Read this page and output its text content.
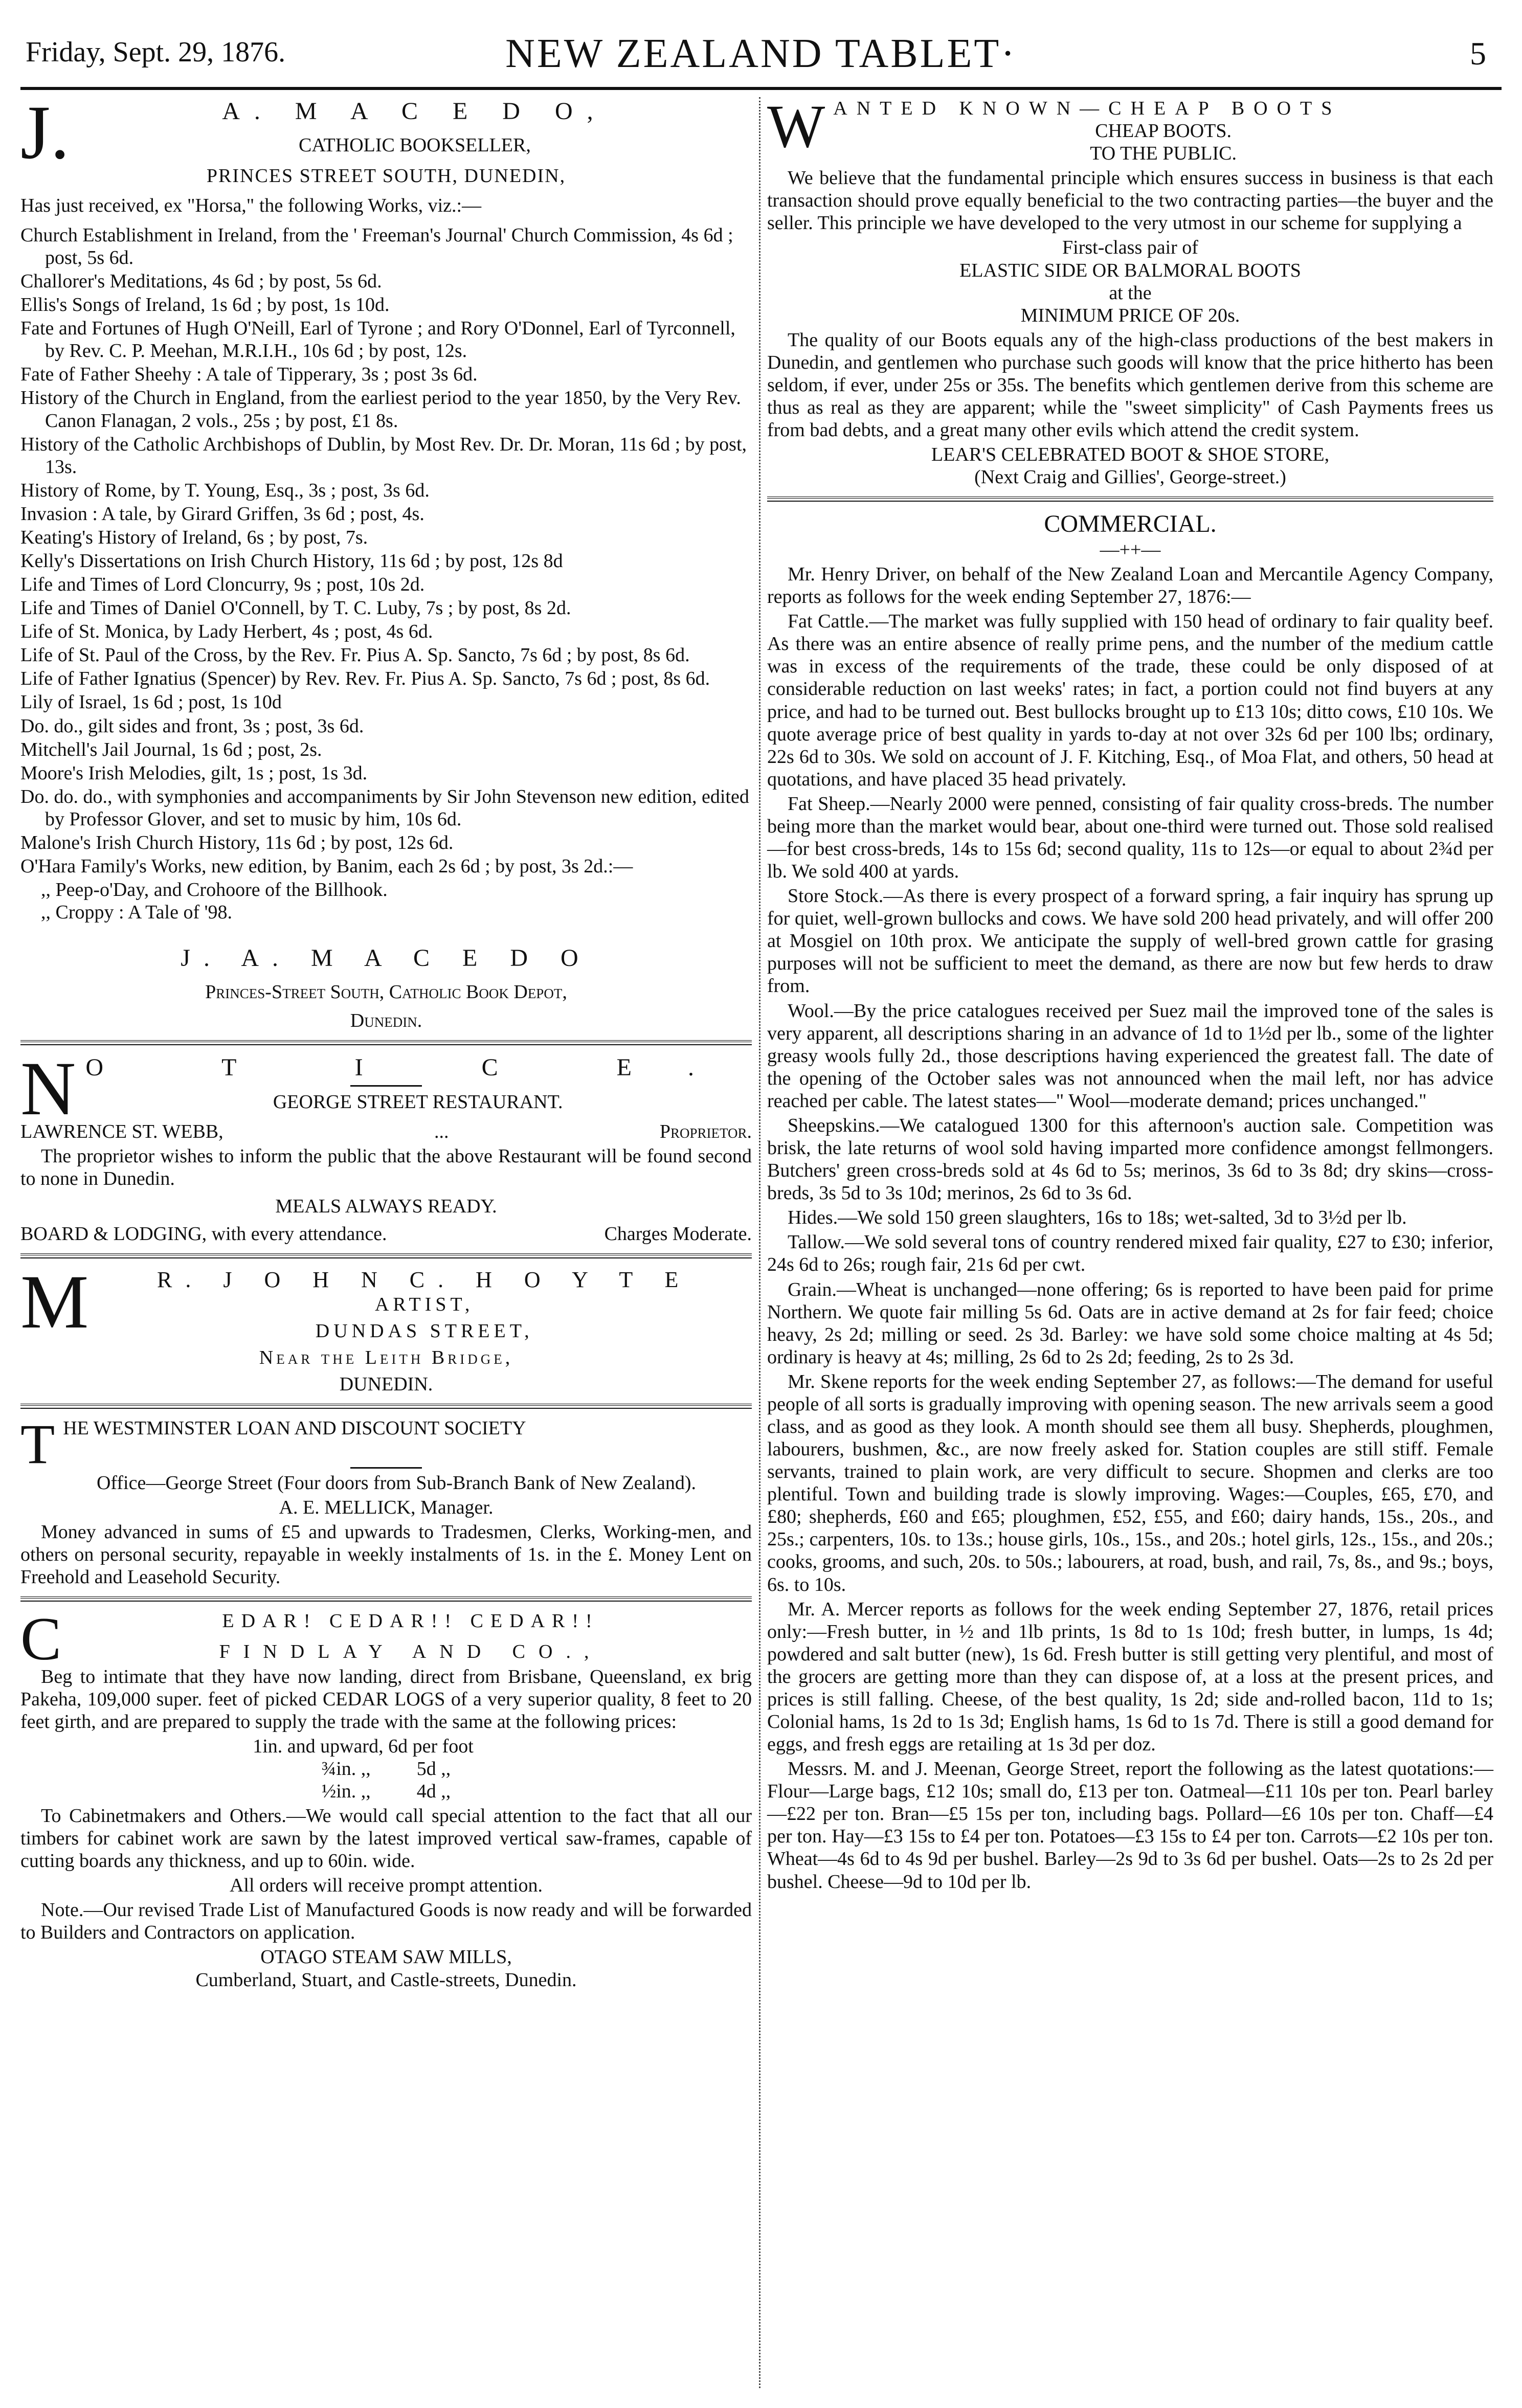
Friday, Sept. 29, 1876.	NEW ZEALAND TABLET·	5
J.	A. M A C E D O,
CATHOLIC BOOKSELLER,
PRINCES STREET SOUTH, DUNEDIN,
Has just received, ex "Horsa," the following Works, viz.:—

Church Establishment in Ireland, from the ' Freeman's Journal' Church Commission, 4s 6d ; post, 5s 6d.

Challorer's Meditations, 4s 6d ; by post, 5s 6d.

Ellis's Songs of Ireland, 1s 6d ; by post, 1s 10d.

Fate and Fortunes of Hugh O'Neill, Earl of Tyrone ; and Rory O'Donnel, Earl of Tyrconnell, by Rev. C. P. Meehan, M.R.I.H., 10s 6d ; by post, 12s.

Fate of Father Sheehy : A tale of Tipperary, 3s ; post 3s 6d.

History of the Church in England, from the earliest period to the year 1850, by the Very Rev. Canon Flanagan, 2 vols., 25s ; by post, £1 8s.

History of the Catholic Archbishops of Dublin, by Most Rev. Dr. Dr. Moran, 11s 6d ; by post, 13s.

History of Rome, by T. Young, Esq., 3s ; post, 3s 6d.

Invasion : A tale, by Girard Griffen, 3s 6d ; post, 4s.

Keating's History of Ireland, 6s ; by post, 7s.

Kelly's Dissertations on Irish Church History, 11s 6d ; by post, 12s 8d

Life and Times of Lord Cloncurry, 9s ; post, 10s 2d.

Life and Times of Daniel O'Connell, by T. C. Luby, 7s ; by post, 8s 2d.

Life of St. Monica, by Lady Herbert, 4s ; post, 4s 6d.

Life of St. Paul of the Cross, by the Rev. Fr. Pius A. Sp. Sancto, 7s 6d ; by post, 8s 6d.

Life of Father Ignatius (Spencer) by Rev. Rev. Fr. Pius A. Sp. Sancto, 7s 6d ; post, 8s 6d.

Lily of Israel, 1s 6d ; post, 1s 10d

Do. do., gilt sides and front, 3s ; post, 3s 6d.

Mitchell's Jail Journal, 1s 6d ; post, 2s.

Moore's Irish Melodies, gilt, 1s ; post, 1s 3d.

Do. do. do., with symphonies and accompaniments by Sir John Stevenson new edition, edited by Professor Glover, and set to music by him, 10s 6d.

Malone's Irish Church History, 11s 6d ; by post, 12s 6d.

O'Hara Family's Works, new edition, by Banim, each 2s 6d ; by post, 3s 2d.:—

,, Peep-o'Day, and Crohoore of the Billhook.

,, Croppy : A Tale of '98.

J. A. M A C E D O
Princes-Street South, Catholic Book Depot,
Dunedin.
N O T I C E.
GEORGE STREET RESTAURANT.
LAWRENCE ST. WEBB,	...	Proprietor.

The proprietor wishes to inform the public that the above Restaurant will be found second to none in Dunedin.

MEALS ALWAYS READY.
BOARD & LODGING, with every attendance.	Charges Moderate.
M	R. J O H N C. H O Y T E
ARTIST,
DUNDAS STREET,
Near the Leith Bridge,
DUNEDIN.
T HE WESTMINSTER LOAN AND DISCOUNT SOCIETY

Office—George Street (Four doors from Sub-Branch Bank of New Zealand).

A. E. MELLICK, Manager.

Money advanced in sums of £5 and upwards to Tradesmen, Clerks, Working-men, and others on personal security, repayable in weekly instalments of 1s. in the £. Money Lent on Freehold and Leasehold Security.

C	EDAR! CEDAR!! CEDAR!!
FINDLAY AND CO.,

Beg to intimate that they have now landing, direct from Brisbane, Queensland, ex brig Pakeha, 109,000 super. feet of picked CEDAR LOGS of a very superior quality, 8 feet to 20 feet girth, and are prepared to supply the trade with the same at the following prices:

1in. and upward, 6d per foot
¾in. ,, 5d ,,
½in. ,, 4d ,,

To Cabinetmakers and Others.—We would call special attention to the fact that all our timbers for cabinet work are sawn by the latest improved vertical saw-frames, capable of cutting boards any thickness, and up to 60in. wide.

All orders will receive prompt attention.

Note.—Our revised Trade List of Manufactured Goods is now ready and will be forwarded to Builders and Contractors on application.

OTAGO STEAM SAW MILLS,
Cumberland, Stuart, and Castle-streets, Dunedin.
W ANTED KNOWN—CHEAP BOOTS
CHEAP BOOTS.
TO THE PUBLIC.

We believe that the fundamental principle which ensures success in business is that each transaction should prove equally beneficial to the two contracting parties—the buyer and the seller. This principle we have developed to the very utmost in our scheme for supplying a

First-class pair of
ELASTIC SIDE OR BALMORAL BOOTS
at the
MINIMUM PRICE OF 20s.

The quality of our Boots equals any of the high-class productions of the best makers in Dunedin, and gentlemen who purchase such goods will know that the price hitherto has been seldom, if ever, under 25s or 35s. The benefits which gentlemen derive from this scheme are thus as real as they are apparent; while the "sweet simplicity" of Cash Payments frees us from bad debts, and a great many other evils which attend the credit system.

LEAR'S CELEBRATED BOOT & SHOE STORE,
(Next Craig and Gillies', George-street.)
COMMERCIAL.
—++—

Mr. Henry Driver, on behalf of the New Zealand Loan and Mercantile Agency Company, reports as follows for the week ending September 27, 1876:—

Fat Cattle.—The market was fully supplied with 150 head of ordinary to fair quality beef. As there was an entire absence of really prime pens, and the number of the medium cattle was in excess of the requirements of the trade, these could be only disposed of at considerable reduction on last weeks' rates; in fact, a portion could not find buyers at any price, and had to be turned out. Best bullocks brought up to £13 10s; ditto cows, £10 10s. We quote average price of best quality in yards to-day at not over 32s 6d per 100 lbs; ordinary, 22s 6d to 30s. We sold on account of J. F. Kitching, Esq., of Moa Flat, and others, 50 head at quotations, and have placed 35 head privately.

Fat Sheep.—Nearly 2000 were penned, consisting of fair quality cross-breds. The number being more than the market would bear, about one-third were turned out. Those sold realised—for best cross-breds, 14s to 15s 6d; second quality, 11s to 12s—or equal to about 2¾d per lb. We sold 400 at yards.

Store Stock.—As there is every prospect of a forward spring, a fair inquiry has sprung up for quiet, well-grown bullocks and cows. We have sold 200 head privately, and will offer 200 at Mosgiel on 10th prox. We anticipate the supply of well-bred grown cattle for grasing purposes will not be sufficient to meet the demand, as there are now but few herds to draw from.

Wool.—By the price catalogues received per Suez mail the improved tone of the sales is very apparent, all descriptions sharing in an advance of 1d to 1½d per lb., some of the lighter greasy wools fully 2d., those descriptions having experienced the greatest fall. The date of the opening of the October sales was not announced when the mail left, nor has advice reached per cable. The latest states—" Wool—moderate demand; prices unchanged."

Sheepskins.—We catalogued 1300 for this afternoon's auction sale. Competition was brisk, the late returns of wool sold having imparted more confidence amongst fellmongers. Butchers' green cross-breds sold at 4s 6d to 5s; merinos, 3s 6d to 3s 8d; dry skins—cross-breds, 3s 5d to 3s 10d; merinos, 2s 6d to 3s 6d.

Hides.—We sold 150 green slaughters, 16s to 18s; wet-salted, 3d to 3½d per lb.

Tallow.—We sold several tons of country rendered mixed fair quality, £27 to £30; inferior, 24s 6d to 26s; rough fair, 21s 6d per cwt.

Grain.—Wheat is unchanged—none offering; 6s is reported to have been paid for prime Northern. We quote fair milling 5s 6d. Oats are in active demand at 2s for fair feed; choice heavy, 2s 2d; milling or seed. 2s 3d. Barley: we have sold some choice malting at 4s 5d; ordinary is heavy at 4s; milling, 2s 6d to 2s 2d; feeding, 2s to 2s 3d.

Mr. Skene reports for the week ending September 27, as follows:—The demand for useful people of all sorts is gradually improving with opening season. The new arrivals seem a good class, and as good as they look. A month should see them all busy. Shepherds, ploughmen, labourers, bushmen, &c., are now freely asked for. Station couples are still stiff. Female servants, trained to plain work, are very difficult to secure. Shopmen and clerks are too plentiful. Town and building trade is slowly improving. Wages:—Couples, £65, £70, and £80; shepherds, £60 and £65; ploughmen, £52, £55, and £60; dairy hands, 15s., 20s., and 25s.; carpenters, 10s. to 13s.; house girls, 10s., 15s., and 20s.; hotel girls, 12s., 15s., and 20s.; cooks, grooms, and such, 20s. to 50s.; labourers, at road, bush, and rail, 7s, 8s., and 9s.; boys, 6s. to 10s.

Mr. A. Mercer reports as follows for the week ending September 27, 1876, retail prices only:—Fresh butter, in ½ and 1lb prints, 1s 8d to 1s 10d; fresh butter, in lumps, 1s 4d; powdered and salt butter (new), 1s 6d. Fresh butter is still getting very plentiful, and most of the grocers are getting more than they can dispose of, at a loss at the present prices, and prices is still falling. Cheese, of the best quality, 1s 2d; side and-rolled bacon, 11d to 1s; Colonial hams, 1s 2d to 1s 3d; English hams, 1s 6d to 1s 7d. There is still a good demand for eggs, and fresh eggs are retailing at 1s 3d per doz.

Messrs. M. and J. Meenan, George Street, report the following as the latest quotations:—Flour—Large bags, £12 10s; small do, £13 per ton. Oatmeal—£11 10s per ton. Pearl barley—£22 per ton. Bran—£5 15s per ton, including bags. Pollard—£6 10s per ton. Chaff—£4 per ton. Hay—£3 15s to £4 per ton. Potatoes—£3 15s to £4 per ton. Carrots—£2 10s per ton. Wheat—4s 6d to 4s 9d per bushel. Barley—2s 9d to 3s 6d per bushel. Oats—2s to 2s 2d per bushel. Cheese—9d to 10d per lb.
